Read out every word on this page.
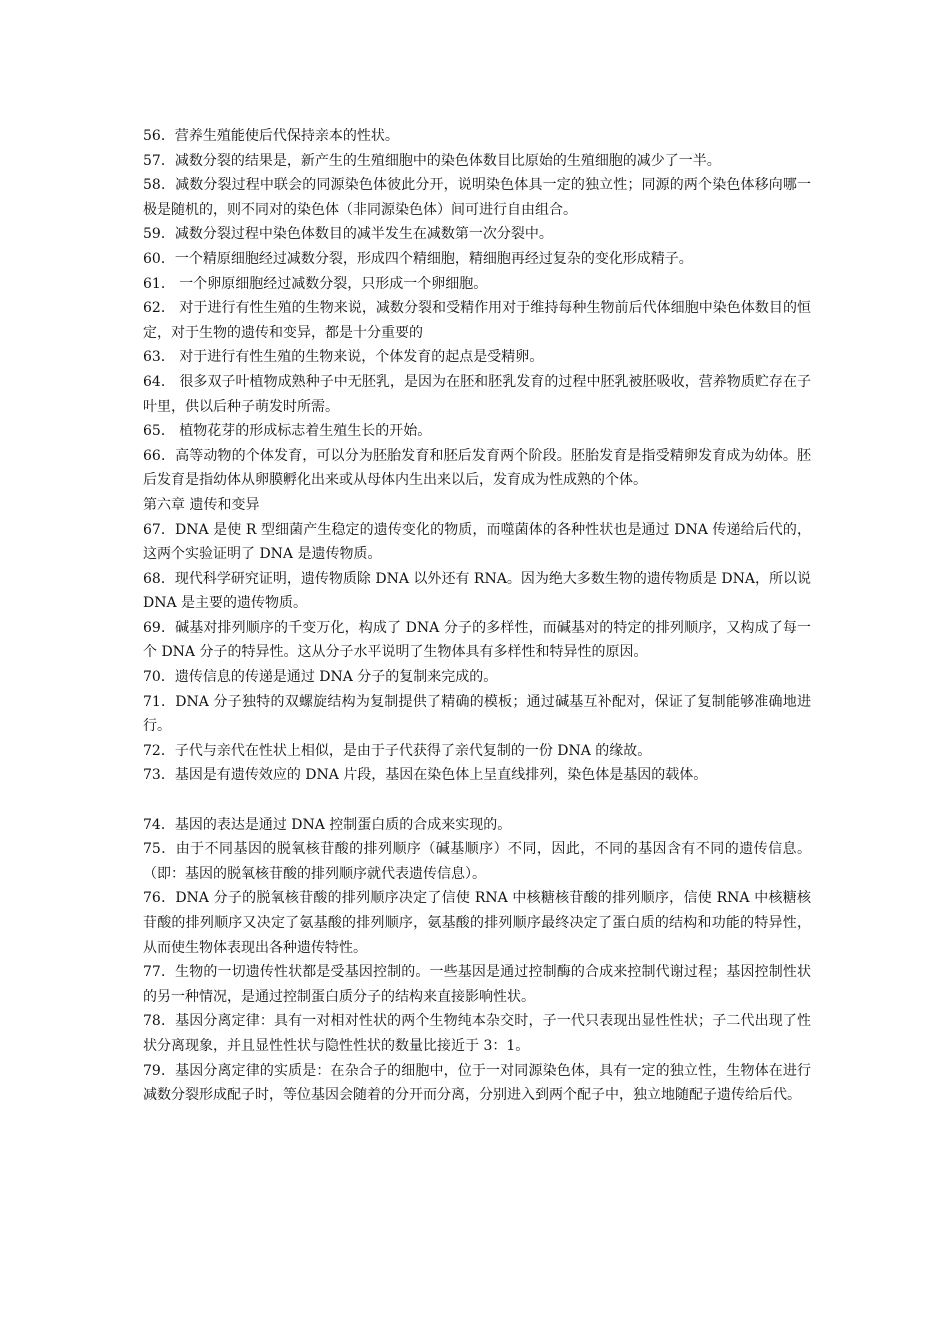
56．营养生殖能使后代保持亲本的性状。

57．减数分裂的结果是，新产生的生殖细胞中的染色体数目比原始的生殖细胞的减少了一半。

58．减数分裂过程中联会的同源染色体彼此分开，说明染色体具一定的独立性；同源的两个染色体移向哪一极是随机的，则不同对的染色体（非同源染色体）间可进行自由组合。

59．减数分裂过程中染色体数目的减半发生在减数第一次分裂中。

60．一个精原细胞经过减数分裂，形成四个精细胞，精细胞再经过复杂的变化形成精子。

61． 一个卵原细胞经过减数分裂，只形成一个卵细胞。

62． 对于进行有性生殖的生物来说，减数分裂和受精作用对于维持每种生物前后代体细胞中染色体数目的恒定，对于生物的遗传和变异，都是十分重要的

63． 对于进行有性生殖的生物来说，个体发育的起点是受精卵。

64． 很多双子叶植物成熟种子中无胚乳，是因为在胚和胚乳发育的过程中胚乳被胚吸收，营养物质贮存在子叶里，供以后种子萌发时所需。

65． 植物花芽的形成标志着生殖生长的开始。

66．高等动物的个体发育，可以分为胚胎发育和胚后发育两个阶段。胚胎发育是指受精卵发育成为幼体。胚后发育是指幼体从卵膜孵化出来或从母体内生出来以后，发育成为性成熟的个体。

第六章 遗传和变异

67．DNA 是使 R 型细菌产生稳定的遗传变化的物质，而噬菌体的各种性状也是通过 DNA 传递给后代的，这两个实验证明了 DNA 是遗传物质。

68．现代科学研究证明，遗传物质除 DNA 以外还有 RNA。因为绝大多数生物的遗传物质是 DNA，所以说 DNA 是主要的遗传物质。

69．碱基对排列顺序的千变万化，构成了 DNA 分子的多样性，而碱基对的特定的排列顺序，又构成了每一个 DNA 分子的特异性。这从分子水平说明了生物体具有多样性和特异性的原因。

70．遗传信息的传递是通过 DNA 分子的复制来完成的。

71．DNA 分子独特的双螺旋结构为复制提供了精确的模板；通过碱基互补配对，保证了复制能够准确地进行。

72．子代与亲代在性状上相似，是由于子代获得了亲代复制的一份 DNA 的缘故。

73．基因是有遗传效应的 DNA 片段，基因在染色体上呈直线排列，染色体是基因的载体。

74．基因的表达是通过 DNA 控制蛋白质的合成来实现的。

75．由于不同基因的脱氧核苷酸的排列顺序（碱基顺序）不同，因此，不同的基因含有不同的遗传信息。（即：基因的脱氧核苷酸的排列顺序就代表遗传信息）。

76．DNA 分子的脱氧核苷酸的排列顺序决定了信使 RNA 中核糖核苷酸的排列顺序，信使 RNA 中核糖核苷酸的排列顺序又决定了氨基酸的排列顺序，氨基酸的排列顺序最终决定了蛋白质的结构和功能的特异性，从而使生物体表现出各种遗传特性。

77．生物的一切遗传性状都是受基因控制的。一些基因是通过控制酶的合成来控制代谢过程；基因控制性状的另一种情况，是通过控制蛋白质分子的结构来直接影响性状。

78．基因分离定律：具有一对相对性状的两个生物纯本杂交时，子一代只表现出显性性状；子二代出现了性状分离现象，并且显性性状与隐性性状的数量比接近于 3：1。

79．基因分离定律的实质是：在杂合子的细胞中，位于一对同源染色体，具有一定的独立性，生物体在进行减数分裂形成配子时，等位基因会随着的分开而分离，分别进入到两个配子中，独立地随配子遗传给后代。
